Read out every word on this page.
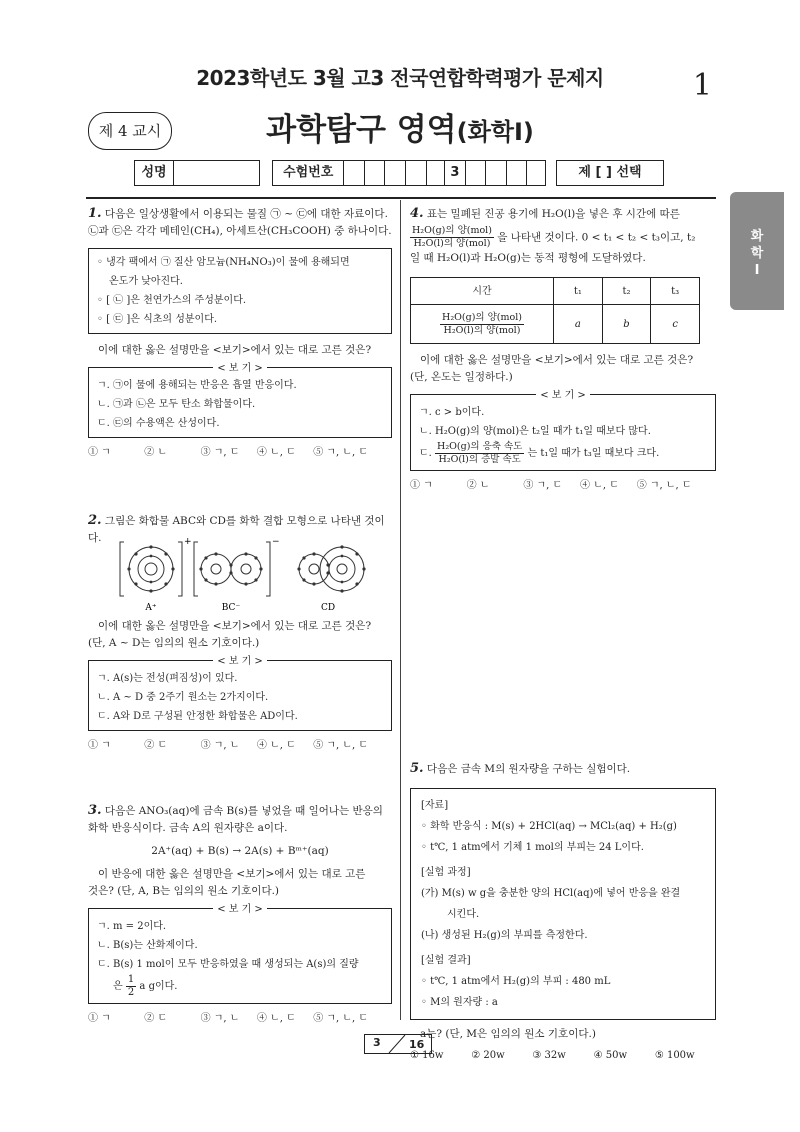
2023학년도 3월 고3 전국연합학력평가 문제지	1
제 4 교시	과학탐구 영역(화학Ⅰ)
성명	수험번호	3	제 [ ] 선택
화
학
Ⅰ
1. 다음은 일상생활에서 이용되는 물질 ㉠ ~ ㉢에 대한 자료이다.
㉡과 ㉢은 각각 메테인(CH₄), 아세트산(CH₃COOH) 중 하나이다.
◦ 냉각 팩에서 ㉠ 질산 암모늄(NH₄NO₃)이 물에 용해되면
온도가 낮아진다.
◦ [ ㉡ ]은 천연가스의 주성분이다.
◦ [ ㉢ ]은 식초의 성분이다.
이에 대한 옳은 설명만을 <보기>에서 있는 대로 고른 것은?
< 보 기 >
ㄱ. ㉠이 물에 용해되는 반응은 흡열 반응이다.
ㄴ. ㉠과 ㉡은 모두 탄소 화합물이다.
ㄷ. ㉢의 수용액은 산성이다.
① ㄱ	② ㄴ	③ ㄱ, ㄷ	④ ㄴ, ㄷ	⑤ ㄱ, ㄴ, ㄷ
2. 그림은 화합물 ABC와 CD를 화학 결합 모형으로 나타낸 것이다.	+	−
A⁺	BC⁻	CD
이에 대한 옳은 설명만을 <보기>에서 있는 대로 고른 것은?
(단, A ~ D는 임의의 원소 기호이다.)
< 보 기 >
ㄱ. A(s)는 전성(펴짐성)이 있다.
ㄴ. A ~ D 중 2주기 원소는 2가지이다.
ㄷ. A와 D로 구성된 안정한 화합물은 AD이다.
① ㄱ	② ㄷ	③ ㄱ, ㄴ	④ ㄴ, ㄷ	⑤ ㄱ, ㄴ, ㄷ
3. 다음은 ANO₃(aq)에 금속 B(s)를 넣었을 때 일어나는 반응의
화학 반응식이다. 금속 A의 원자량은 a이다.
2A⁺(aq) + B(s) → 2A(s) + Bᵐ⁺(aq)
이 반응에 대한 옳은 설명만을 <보기>에서 있는 대로 고른
것은? (단, A, B는 임의의 원소 기호이다.)
< 보 기 >
ㄱ. m = 2이다.
ㄴ. B(s)는 산화제이다.
ㄷ. B(s) 1 mol이 모두 반응하였을 때 생성되는 A(s)의 질량
은 $\frac{1}{2}$ a g이다.
① ㄱ	② ㄷ	③ ㄱ, ㄴ	④ ㄴ, ㄷ	⑤ ㄱ, ㄴ, ㄷ
4. 표는 밀폐된 진공 용기에 H₂O(l)을 넣은 후 시간에 따른
$\frac{\text{H₂O(g)의 양(mol)}}{\text{H₂O(l)의 양(mol)}}$ 을 나타낸 것이다. 0 < t₁ < t₂ < t₃이고, t₂
일 때 H₂O(l)과 H₂O(g)는 동적 평형에 도달하였다.
시간	t₁	t₂	t₃

$\frac{\text{H₂O(g)의 양(mol)}}{\text{H₂O(l)의 양(mol)}}$	a	b	c
이에 대한 옳은 설명만을 <보기>에서 있는 대로 고른 것은?
(단, 온도는 일정하다.)
< 보 기 >
ㄱ. c > b이다.
ㄴ. H₂O(g)의 양(mol)은 t₂일 때가 t₁일 때보다 많다.
ㄷ. $\frac{\text{H₂O(g)의 응축 속도}}{\text{H₂O(l)의 증발 속도}}$ 는 t₁일 때가 t₃일 때보다 크다.
① ㄱ	② ㄴ	③ ㄱ, ㄷ	④ ㄴ, ㄷ	⑤ ㄱ, ㄴ, ㄷ
5. 다음은 금속 M의 원자량을 구하는 실험이다.
[자료]
◦ 화학 반응식 : M(s) + 2HCl(aq) → MCl₂(aq) + H₂(g)
◦ t℃, 1 atm에서 기체 1 mol의 부피는 24 L이다.
[실험 과정]
(가) M(s) w g을 충분한 양의 HCl(aq)에 넣어 반응을 완결
시킨다.
(나) 생성된 H₂(g)의 부피를 측정한다.
[실험 결과]
◦ t℃, 1 atm에서 H₂(g)의 부피 : 480 mL
◦ M의 원자량 : a
a는? (단, M은 임의의 원소 기호이다.)
① 16w	② 20w	③ 32w	④ 50w	⑤ 100w
3	16
